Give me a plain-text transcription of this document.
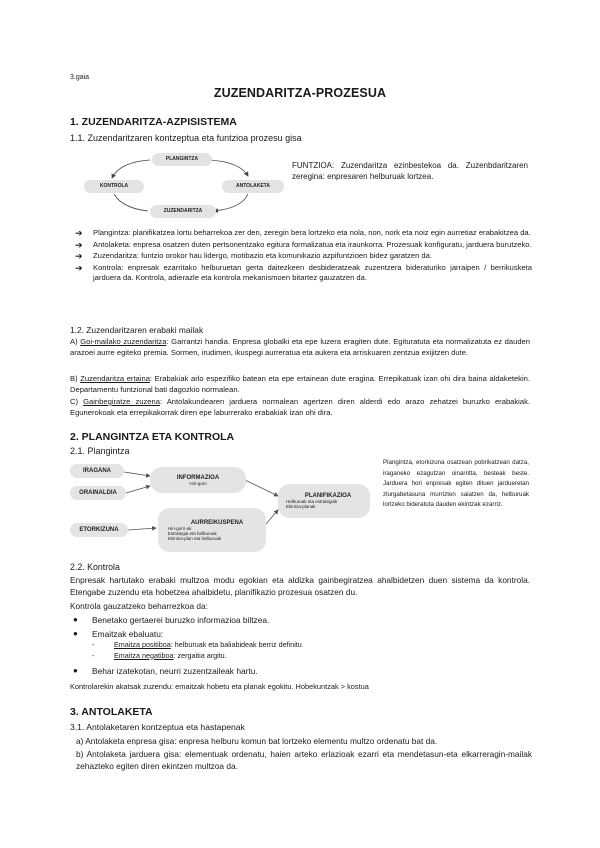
3.gaia
ZUZENDARITZA-PROZESUA
1. ZUZENDARITZA-AZPISISTEMA
1.1. Zuzendaritzaren kontzeptua eta funtzioa prozesu gisa
PLANGINTZA
KONTROLA	ANTOLAKETA
ZUZENDARITZA
FUNTZIOA: Zuzendaritza ezinbestekoa da. Zuzenbdaritzaren zeregina: enpresaren helburuak lortzea.
➔	Plangintza: planifikatzea lortu beharrekoa zer den, zeregin bera lortzeko eta nola, non, nork eta noiz egin aurretiaz erabakitzea da.
➔	Antolaketa: enpresa osatzen duten pertsonentzako egitura formalizatua eta iraunkorra. Prozesuak konfiguratu, jarduera burutzeko.
➔	Zuzendaritza: funtzio orokor hau lidergo, motibazio eta komunikazio azpifuntzioen bidez garatzen da.
➔	Kontrola: enpresak ezarritako helburuetan gerta daitezkeen desbideratzeak zuzentzera bideraturiko jarraipen / berrikusketa jarduera da. Kontrola, adierazle eta kontrola mekanismoen bitartez gauzatzen da.
1.2. Zuzendaritzaren erabaki mailak
A) Goi-mailako zuzendaritza: Garrantzi handia. Enpresa globalki eta epe luzera eragiten dute. Egituratuta eta normalizatuta ez dauden arazoei aurre egiteko premia. Sormen, irudimen, ikuspegi aurreratua eta aukera eta arriskuaren zentzua exijitzen dute.
B) Zuzendaritza ertaina: Erabakiak arlo espezifiko batean eta epe ertainean dute eragina. Errepikatuak izan ohi dira baina aldaketekin. Departamentu funtzional bati dagozkio normalean.
C) Gainbegiratze zuzena: Antolakundearen jarduera normalean agertzen diren alderdi edo arazo zehatzei buruzko erabakiak. Egunerokoak eta errepikakorrak diren epe laburrerako erabakiak izan ohi dira.
2. PLANGINTZA ETA KONTROLA
2.1. Plangintza
IRAGANA
ORAINALDIA
ETORKIZUNA
INFORMAZIOA
Hiri-gorri
AURREIKUSPENA
Hiri-gorri-ak
Estrategia eta helburuak
Ekintza-plan eta helburuak
PLANIFIKAZIOA
Helburuak eta estrategiak
Ekintza-planak
Plangintza, etorkizuna osatzean pobrikatzean datza, iraganeko ezagutzan oinarritta, besteak beste. Jarduera hori enpresak egiten dituen jardueretan zlurgabetasuna murrizten saiatzen da, helburuak lortzeko bideratuta dauden ekintzak ezarriz.
2.2. Kontrola
Enpresak hartutako erabaki multzoa modu egokian eta aldizka gainbegiratzea ahalbidetzen duen sistema da kontrola. Etengabe zuzendu eta hobetzea ahalbidetu, planifikazio prozesua osatzen du.
Kontrola gauzatzeko beharrezkoa da:
●	Benetako gertaerei buruzko informazioa biltzea.
●	Emaitzak ebaluatu:
-	Emaitza positiboa: helburuak eta baliabideak berriz definitu
-	Emaitza negatiboa: zergaitia argitu.
●	Behar izatekotan, neurri zuzentzaileak hartu.
Kontrolarekin akatsak zuzendu: emaitzak hobetu eta planak egokitu. Hobekuntzak > kostua
3. ANTOLAKETA
3.1. Antolaketaren kontzeptua eta hastapenak
a) Antolaketa enpresa gisa: enpresa helburu komun bat lortzeko elementu multzo ordenatu bat da.
b) Antolaketa jarduera gisa: elementuak ordenatu, haien arteko erlazioak ezarri eta mendetasun-eta elkarreragin-mailak zehazteko egiten diren ekintzen multzoa da.
